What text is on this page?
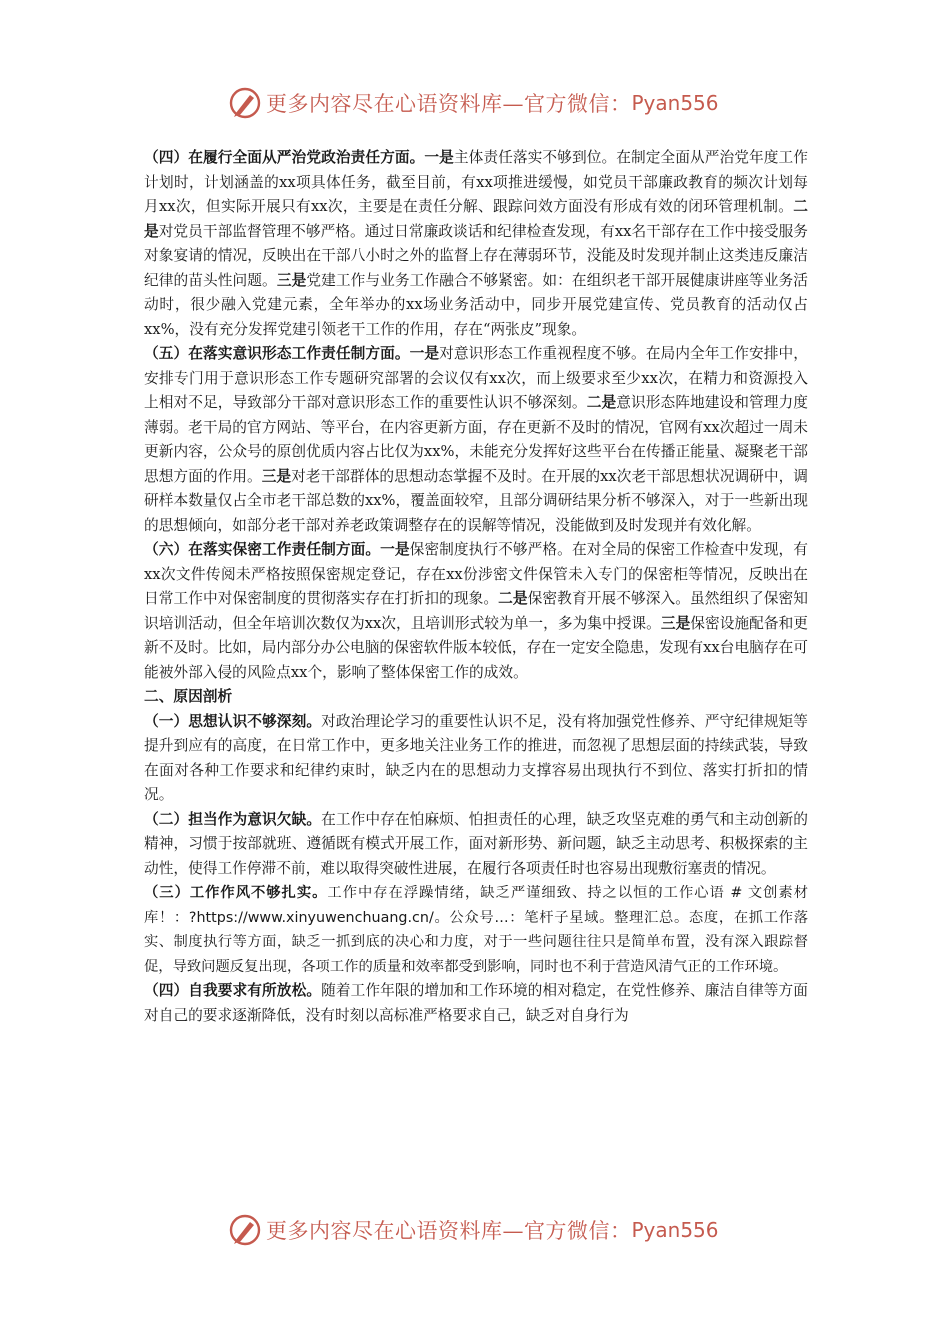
更多内容尽在心语资料库—官方微信： Pyan556

（四）在履行全面从严治党政治责任方面。一是主体责任落实不够到位。在制定全面从严治党年度工作计划时，计划涵盖的xx项具体任务，截至目前，有xx项推进缓慢，如党员干部廉政教育的频次计划每月xx次，但实际开展只有xx次，主要是在责任分解、跟踪问效方面没有形成有效的闭环管理机制。二是对党员干部监督管理不够严格。通过日常廉政谈话和纪律检查发现，有xx名干部存在工作中接受服务对象宴请的情况，反映出在干部八小时之外的监督上存在薄弱环节，没能及时发现并制止这类违反廉洁纪律的苗头性问题。三是党建工作与业务工作融合不够紧密。如：在组织老干部开展健康讲座等业务活动时，很少融入党建元素，全年举办的xx场业务活动中，同步开展党建宣传、党员教育的活动仅占xx%，没有充分发挥党建引领老干工作的作用，存在“两张皮”现象。

（五）在落实意识形态工作责任制方面。一是对意识形态工作重视程度不够。在局内全年工作安排中，安排专门用于意识形态工作专题研究部署的会议仅有xx次，而上级要求至少xx次，在精力和资源投入上相对不足，导致部分干部对意识形态工作的重要性认识不够深刻。二是意识形态阵地建设和管理力度薄弱。老干局的官方网站、等平台，在内容更新方面，存在更新不及时的情况，官网有xx次超过一周未更新内容，公众号的原创优质内容占比仅为xx%，未能充分发挥好这些平台在传播正能量、凝聚老干部思想方面的作用。三是对老干部群体的思想动态掌握不及时。在开展的xx次老干部思想状况调研中，调研样本数量仅占全市老干部总数的xx%，覆盖面较窄，且部分调研结果分析不够深入，对于一些新出现的思想倾向，如部分老干部对养老政策调整存在的误解等情况，没能做到及时发现并有效化解。

（六）在落实保密工作责任制方面。一是保密制度执行不够严格。在对全局的保密工作检查中发现，有xx次文件传阅未严格按照保密规定登记，存在xx份涉密文件保管未入专门的保密柜等情况，反映出在日常工作中对保密制度的贯彻落实存在打折扣的现象。二是保密教育开展不够深入。虽然组织了保密知识培训活动，但全年培训次数仅为xx次，且培训形式较为单一，多为集中授课。三是保密设施配备和更新不及时。比如，局内部分办公电脑的保密软件版本较低，存在一定安全隐患，发现有xx台电脑存在可能被外部入侵的风险点xx个，影响了整体保密工作的成效。

二、原因剖析

（一）思想认识不够深刻。对政治理论学习的重要性认识不足，没有将加强党性修养、严守纪律规矩等提升到应有的高度，在日常工作中，更多地关注业务工作的推进，而忽视了思想层面的持续武装，导致在面对各种工作要求和纪律约束时，缺乏内在的思想动力支撑容易出现执行不到位、落实打折扣的情况。

（二）担当作为意识欠缺。在工作中存在怕麻烦、怕担责任的心理，缺乏攻坚克难的勇气和主动创新的精神，习惯于按部就班、遵循既有模式开展工作，面对新形势、新问题，缺乏主动思考、积极探索的主动性，使得工作停滞不前，难以取得突破性进展，在履行各项责任时也容易出现敷衍塞责的情况。

（三）工作作风不够扎实。工作中存在浮躁情绪，缺乏严谨细致、持之以恒的工作心语 # 文创素材库！：?https://www.xinyuwenchuang.cn/。公众号…：笔杆子星域。整理汇总。态度，在抓工作落实、制度执行等方面，缺乏一抓到底的决心和力度，对于一些问题往往只是简单布置，没有深入跟踪督促，导致问题反复出现，各项工作的质量和效率都受到影响，同时也不利于营造风清气正的工作环境。

（四）自我要求有所放松。随着工作年限的增加和工作环境的相对稳定，在党性修养、廉洁自律等方面对自己的要求逐渐降低，没有时刻以高标准严格要求自己，缺乏对自身行为

更多内容尽在心语资料库—官方微信： Pyan556
